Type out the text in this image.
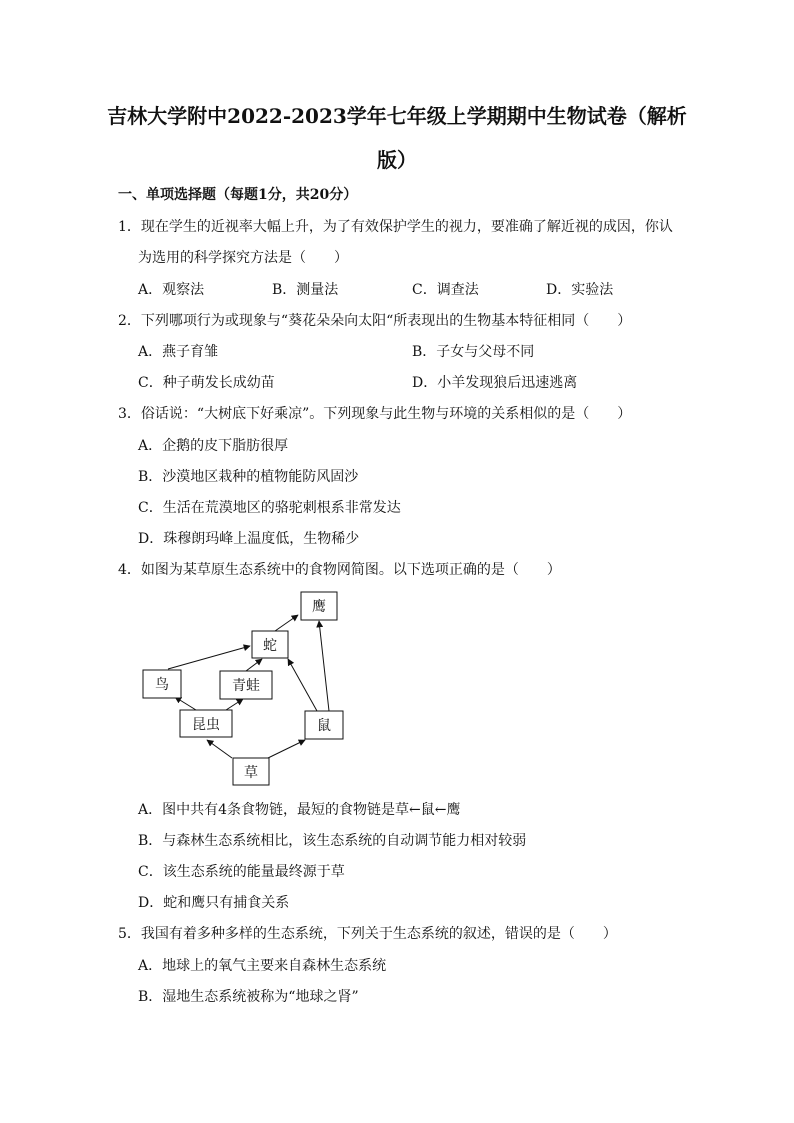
吉林大学附中2022-2023学年七年级上学期期中生物试卷（解析
版）
一、单项选择题（每题1分，共20分）
1．现在学生的近视率大幅上升，为了有效保护学生的视力，要准确了解近视的成因，你认
为选用的科学探究方法是（　　）
A．观察法	B．测量法	C．调查法	D．实验法
2．下列哪项行为或现象与“葵花朵朵向太阳“所表现出的生物基本特征相同（　　）
A．燕子育雏	B．子女与父母不同
C．种子萌发长成幼苗	D．小羊发现狼后迅速逃离
3．俗话说：“大树底下好乘凉”。下列现象与此生物与环境的关系相似的是（　　）
A．企鹅的皮下脂肪很厚
B．沙漠地区栽种的植物能防风固沙
C．生活在荒漠地区的骆驼刺根系非常发达
D．珠穆朗玛峰上温度低，生物稀少
4．如图为某草原生态系统中的食物网简图。以下选项正确的是（　　）
鹰
蛇
鸟	青蛙
昆虫	鼠
草
A．图中共有4条食物链，最短的食物链是草←鼠←鹰
B．与森林生态系统相比，该生态系统的自动调节能力相对较弱
C．该生态系统的能量最终源于草
D．蛇和鹰只有捕食关系
5．我国有着多种多样的生态系统，下列关于生态系统的叙述，错误的是（　　）
A．地球上的氧气主要来自森林生态系统
B．湿地生态系统被称为“地球之肾”
